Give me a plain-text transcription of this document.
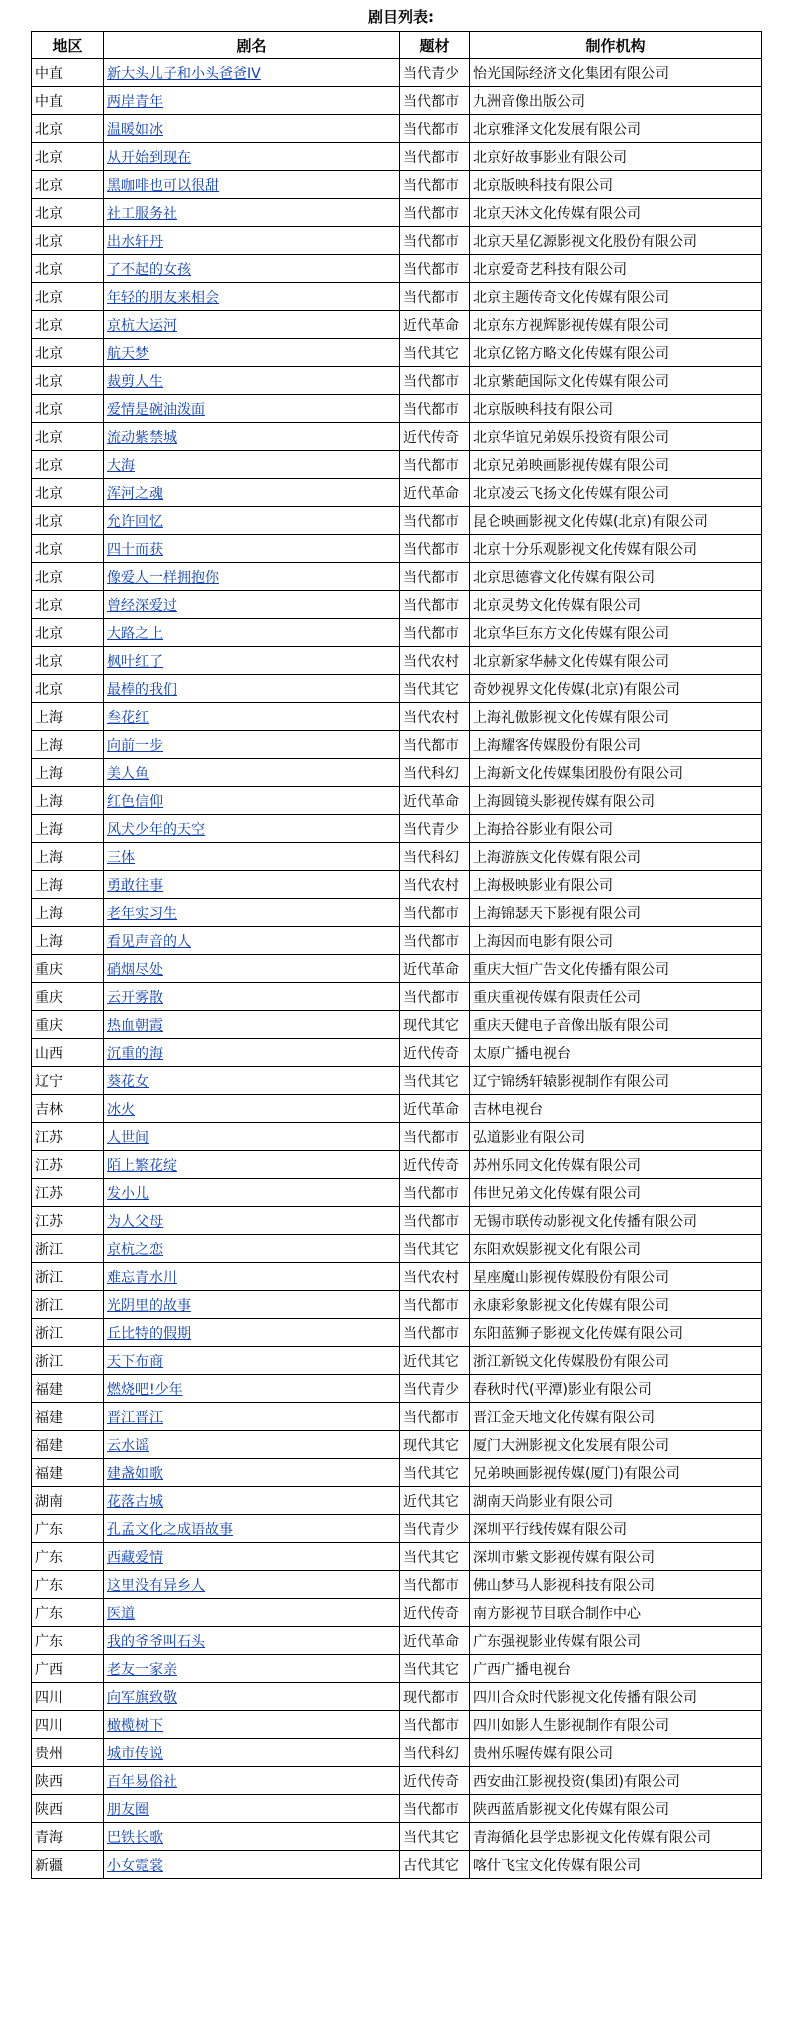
剧目列表:
地区	剧名	题材	制作机构
中直	新大头儿子和小头爸爸IV	当代青少	怡光国际经济文化集团有限公司
中直	两岸青年	当代都市	九洲音像出版公司
北京	温暖如冰	当代都市	北京雅泽文化发展有限公司
北京	从开始到现在	当代都市	北京好故事影业有限公司
北京	黑咖啡也可以很甜	当代都市	北京版映科技有限公司
北京	社工服务社	当代都市	北京天沐文化传媒有限公司
北京	出水轩丹	当代都市	北京天星亿源影视文化股份有限公司
北京	了不起的女孩	当代都市	北京爱奇艺科技有限公司
北京	年轻的朋友来相会	当代都市	北京主题传奇文化传媒有限公司
北京	京杭大运河	近代革命	北京东方视辉影视传媒有限公司
北京	航天梦	当代其它	北京亿铭方略文化传媒有限公司
北京	裁剪人生	当代都市	北京紫葩国际文化传媒有限公司
北京	爱情是碗油泼面	当代都市	北京版映科技有限公司
北京	流动紫禁城	近代传奇	北京华谊兄弟娱乐投资有限公司
北京	大海	当代都市	北京兄弟映画影视传媒有限公司
北京	浑河之魂	近代革命	北京凌云飞扬文化传媒有限公司
北京	允许回忆	当代都市	昆仑映画影视文化传媒(北京)有限公司
北京	四十而获	当代都市	北京十分乐观影视文化传媒有限公司
北京	像爱人一样拥抱你	当代都市	北京思德睿文化传媒有限公司
北京	曾经深爱过	当代都市	北京灵势文化传媒有限公司
北京	大路之上	当代都市	北京华巨东方文化传媒有限公司
北京	枫叶红了	当代农村	北京新家华赫文化传媒有限公司
北京	最棒的我们	当代其它	奇妙视界文化传媒(北京)有限公司
上海	叁花红	当代农村	上海礼傲影视文化传媒有限公司
上海	向前一步	当代都市	上海耀客传媒股份有限公司
上海	美人鱼	当代科幻	上海新文化传媒集团股份有限公司
上海	红色信仰	近代革命	上海圆镜头影视传媒有限公司
上海	风犬少年的天空	当代青少	上海拾谷影业有限公司
上海	三体	当代科幻	上海游族文化传媒有限公司
上海	勇敢往事	当代农村	上海极映影业有限公司
上海	老年实习生	当代都市	上海锦瑟天下影视有限公司
上海	看见声音的人	当代都市	上海因而电影有限公司
重庆	硝烟尽处	近代革命	重庆大恒广告文化传播有限公司
重庆	云开雾散	当代都市	重庆重视传媒有限责任公司
重庆	热血朝霞	现代其它	重庆天健电子音像出版有限公司
山西	沉重的海	近代传奇	太原广播电视台
辽宁	葵花女	当代其它	辽宁锦绣轩辕影视制作有限公司
吉林	冰火	近代革命	吉林电视台
江苏	人世间	当代都市	弘道影业有限公司
江苏	陌上繁花绽	近代传奇	苏州乐同文化传媒有限公司
江苏	发小儿	当代都市	伟世兄弟文化传媒有限公司
江苏	为人父母	当代都市	无锡市联传动影视文化传播有限公司
浙江	京杭之恋	当代其它	东阳欢娱影视文化有限公司
浙江	难忘青水川	当代农村	星座魔山影视传媒股份有限公司
浙江	光阴里的故事	当代都市	永康彩象影视文化传媒有限公司
浙江	丘比特的假期	当代都市	东阳蓝狮子影视文化传媒有限公司
浙江	天下布商	近代其它	浙江新锐文化传媒股份有限公司
福建	燃烧吧!少年	当代青少	春秋时代(平潭)影业有限公司
福建	晋江晋江	当代都市	晋江金天地文化传媒有限公司
福建	云水谣	现代其它	厦门大洲影视文化发展有限公司
福建	建盏如歌	当代其它	兄弟映画影视传媒(厦门)有限公司
湖南	花落古城	近代其它	湖南天尚影业有限公司
广东	孔孟文化之成语故事	当代青少	深圳平行线传媒有限公司
广东	西藏爱情	当代其它	深圳市紫文影视传媒有限公司
广东	这里没有异乡人	当代都市	佛山梦马人影视科技有限公司
广东	医道	近代传奇	南方影视节目联合制作中心
广东	我的爷爷叫石头	近代革命	广东强视影业传媒有限公司
广西	老友一家亲	当代其它	广西广播电视台
四川	向军旗致敬	现代都市	四川合众时代影视文化传播有限公司
四川	橄榄树下	当代都市	四川如影人生影视制作有限公司
贵州	城市传说	当代科幻	贵州乐喔传媒有限公司
陕西	百年易俗社	近代传奇	西安曲江影视投资(集团)有限公司
陕西	朋友圈	当代都市	陕西蓝盾影视文化传媒有限公司
青海	巴铁长歌	当代其它	青海循化县学忠影视文化传媒有限公司
新疆	小女霓裳	古代其它	喀什飞宝文化传媒有限公司
